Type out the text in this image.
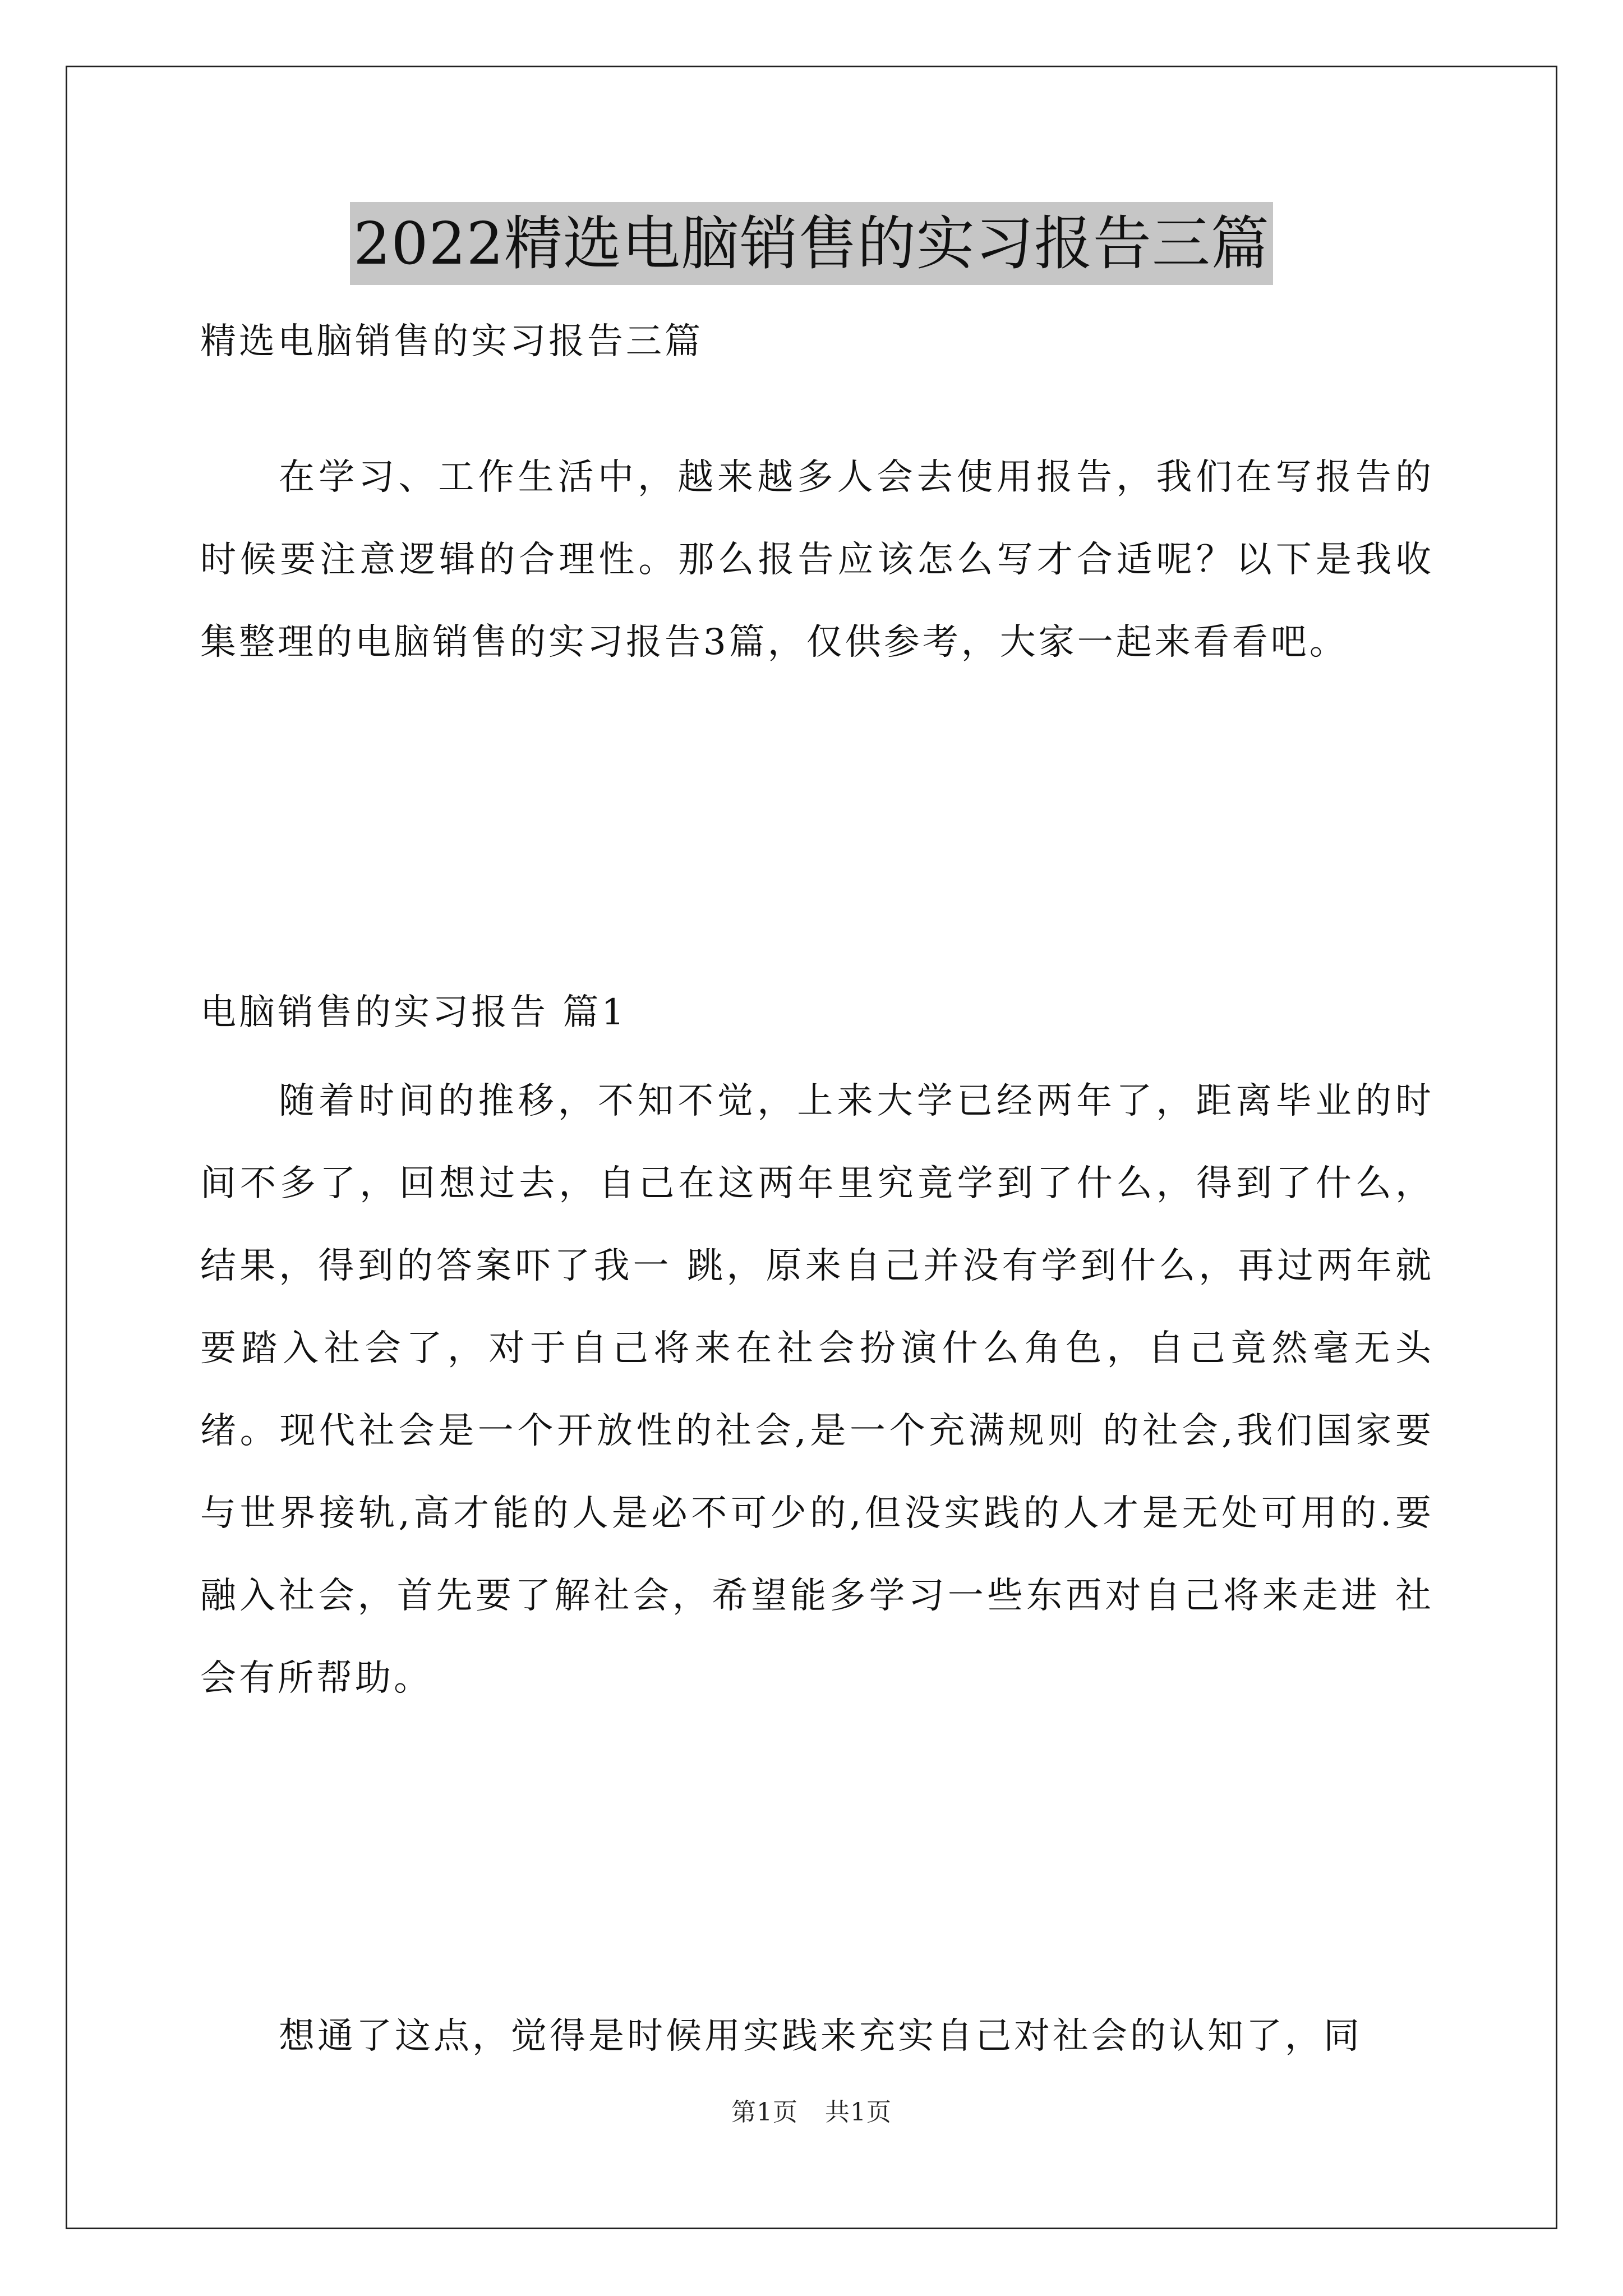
2022精选电脑销售的实习报告三篇
精选电脑销售的实习报告三篇

在学习、工作生活中，越来越多人会去使用报告，我们在写报告的时候要注意逻辑的合理性。那么报告应该怎么写才合适呢？以下是我收集整理的电脑销售的实习报告3篇，仅供参考，大家一起来看看吧。

电脑销售的实习报告 篇1

随着时间的推移，不知不觉，上来大学已经两年了，距离毕业的时间不多了，回想过去，自己在这两年里究竟学到了什么，得到了什么，结果，得到的答案吓了我一 跳，原来自己并没有学到什么，再过两年就要踏入社会了，对于自己将来在社会扮演什么角色，自己竟然毫无头绪。现代社会是一个开放性的社会,是一个充满规则 的社会,我们国家要与世界接轨,高才能的人是必不可少的,但没实践的人才是无处可用的.要融入社会，首先要了解社会，希望能多学习一些东西对自己将来走进 社会有所帮助。

想通了这点，觉得是时候用实践来充实自己对社会的认知了，同

第1页 共1页
